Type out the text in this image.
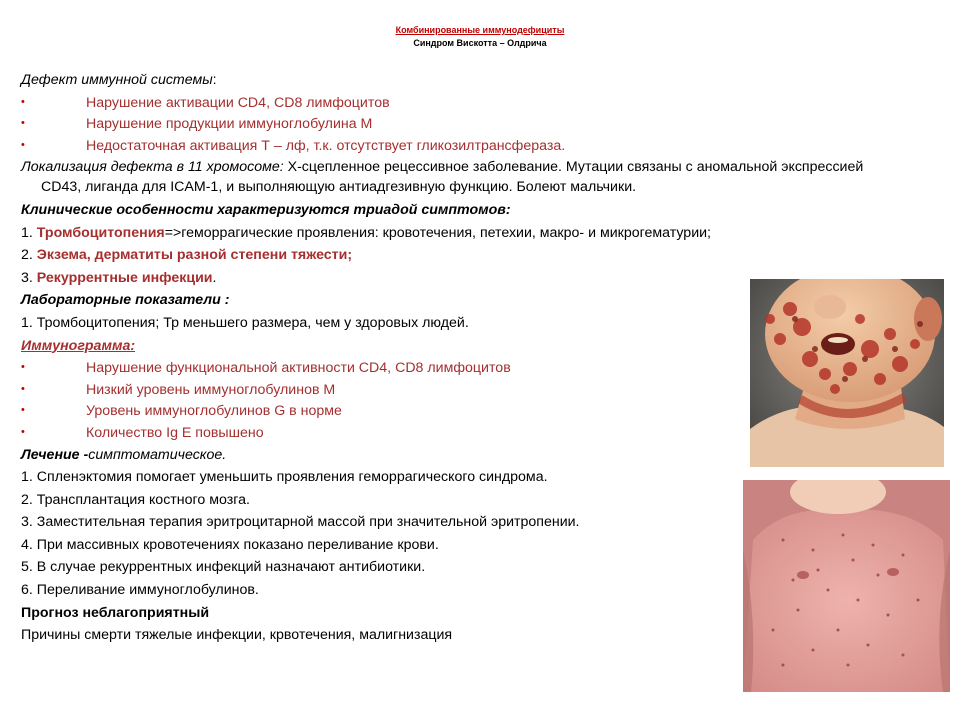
Комбинированные иммунодефициты
Синдром Вискотта – Олдрича
Дефект иммунной системы:
•	Нарушение активации CD4, CD8 лимфоцитов
•	Нарушение продукции иммуноглобулина М
•	Недостаточная активация Т – лф, т.к. отсутствует гликозилтрансфераза.
Локализация дефекта в 11 хромосоме: Х-сцепленное рецессивное заболевание. Мутации связаны с аномальной экспрессией CD43, лиганда для ICAM-1, и выполняющую антиадгезивную функцию. Болеют мальчики.
Клинические особенности характеризуются триадой симптомов:
1. Тромбоцитопения=>геморрагические проявления: кровотечения, петехии, макро- и микрогематурии;
2. Экзема, дерматиты разной степени тяжести;
3. Рекуррентные инфекции.
Лабораторные показатели :
1. Тромбоцитопения; Тр меньшего размера, чем у здоровых людей.
Иммунограмма:
•	Нарушение функциональной активности CD4, CD8 лимфоцитов
•	Низкий уровень иммуноглобулинов М
•	Уровень иммуноглобулинов G в норме
•	Количество Ig E повышено
Лечение -симптоматическое.
1. Спленэктомия помогает уменьшить проявления геморрагического синдрома.
2. Трансплантация костного мозга.
3. Заместительная терапия эритроцитарной массой при значительной эритропении.
4. При массивных кровотечениях показано переливание крови.
5. В случае рекуррентных инфекций назначают антибиотики.
6. Переливание иммуноглобулинов.
Прогноз неблагоприятный
Причины смерти тяжелые инфекции, крвотечения, малигнизация
